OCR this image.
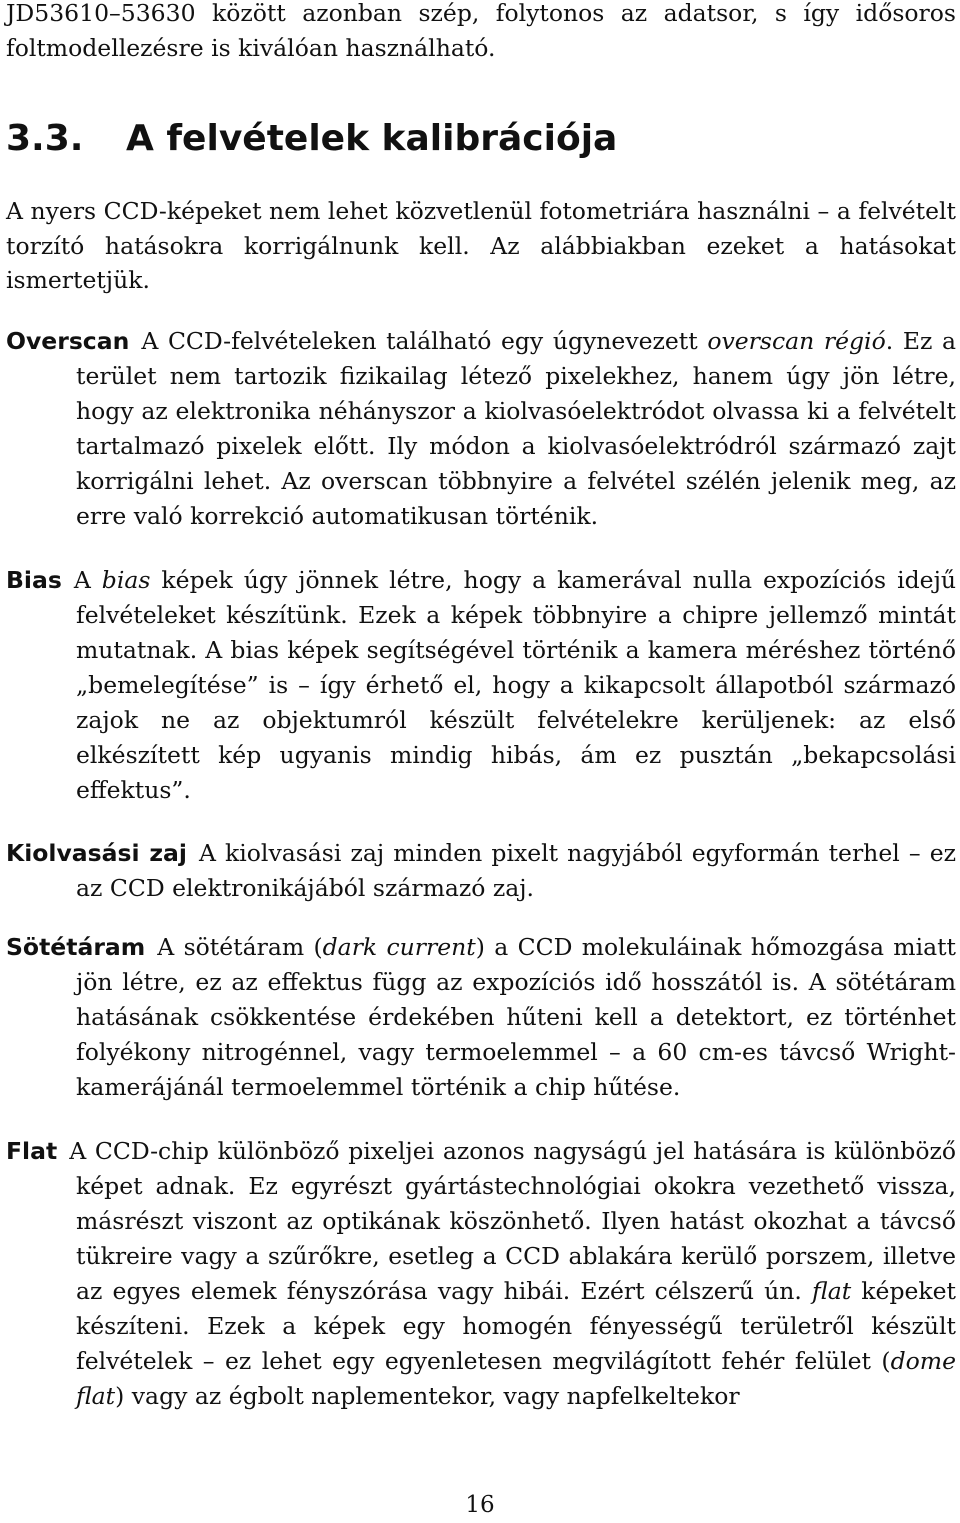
JD53610–53630 között azonban szép, folytonos az adatsor, s így idősoros foltmodellezésre is kiválóan használható.
3.3. A felvételek kalibrációja
A nyers CCD-képeket nem lehet közvetlenül fotometriára használni – a felvételt torzító hatásokra korrigálnunk kell. Az alábbiakban ezeket a hatásokat ismertetjük.

Overscan A CCD-felvételeken található egy úgynevezett overscan régió. Ez a terület nem tartozik fizikailag létező pixelekhez, hanem úgy jön létre, hogy az elektronika néhányszor a kiolvasóelektródot olvassa ki a felvételt tartalmazó pixelek előtt. Ily módon a kiolvasóelektródról származó zajt korrigálni lehet. Az overscan többnyire a felvétel szélén jelenik meg, az erre való korrekció automatikusan történik.

Bias A bias képek úgy jönnek létre, hogy a kamerával nulla expozíciós idejű felvételeket készítünk. Ezek a képek többnyire a chipre jellemző mintát mutatnak. A bias képek segítségével történik a kamera méréshez történő „bemelegítése” is – így érhető el, hogy a kikapcsolt állapotból származó zajok ne az objektumról készült felvételekre kerüljenek: az első elkészített kép ugyanis mindig hibás, ám ez pusztán „bekapcsolási effektus”.

Kiolvasási zaj A kiolvasási zaj minden pixelt nagyjából egyformán terhel – ez az CCD elektronikájából származó zaj.

Sötétáram A sötétáram (dark current) a CCD molekuláinak hőmozgása miatt jön létre, ez az effektus függ az expozíciós idő hosszától is. A sötétáram hatásának csökkentése érdekében hűteni kell a detektort, ez történhet folyékony nitrogénnel, vagy termoelemmel – a 60 cm-es távcső Wright-kamerájánál termoelemmel történik a chip hűtése.

Flat A CCD-chip különböző pixeljei azonos nagyságú jel hatására is különböző képet adnak. Ez egyrészt gyártástechnológiai okokra vezethető vissza, másrészt viszont az optikának köszönhető. Ilyen hatást okozhat a távcső tükreire vagy a szűrőkre, esetleg a CCD ablakára kerülő porszem, illetve az egyes elemek fényszórása vagy hibái. Ezért célszerű ún. flat képeket készíteni. Ezek a képek egy homogén fényességű területről készült felvételek – ez lehet egy egyenletesen megvilágított fehér felület (dome flat) vagy az égbolt naplementekor, vagy napfelkeltekor

16
